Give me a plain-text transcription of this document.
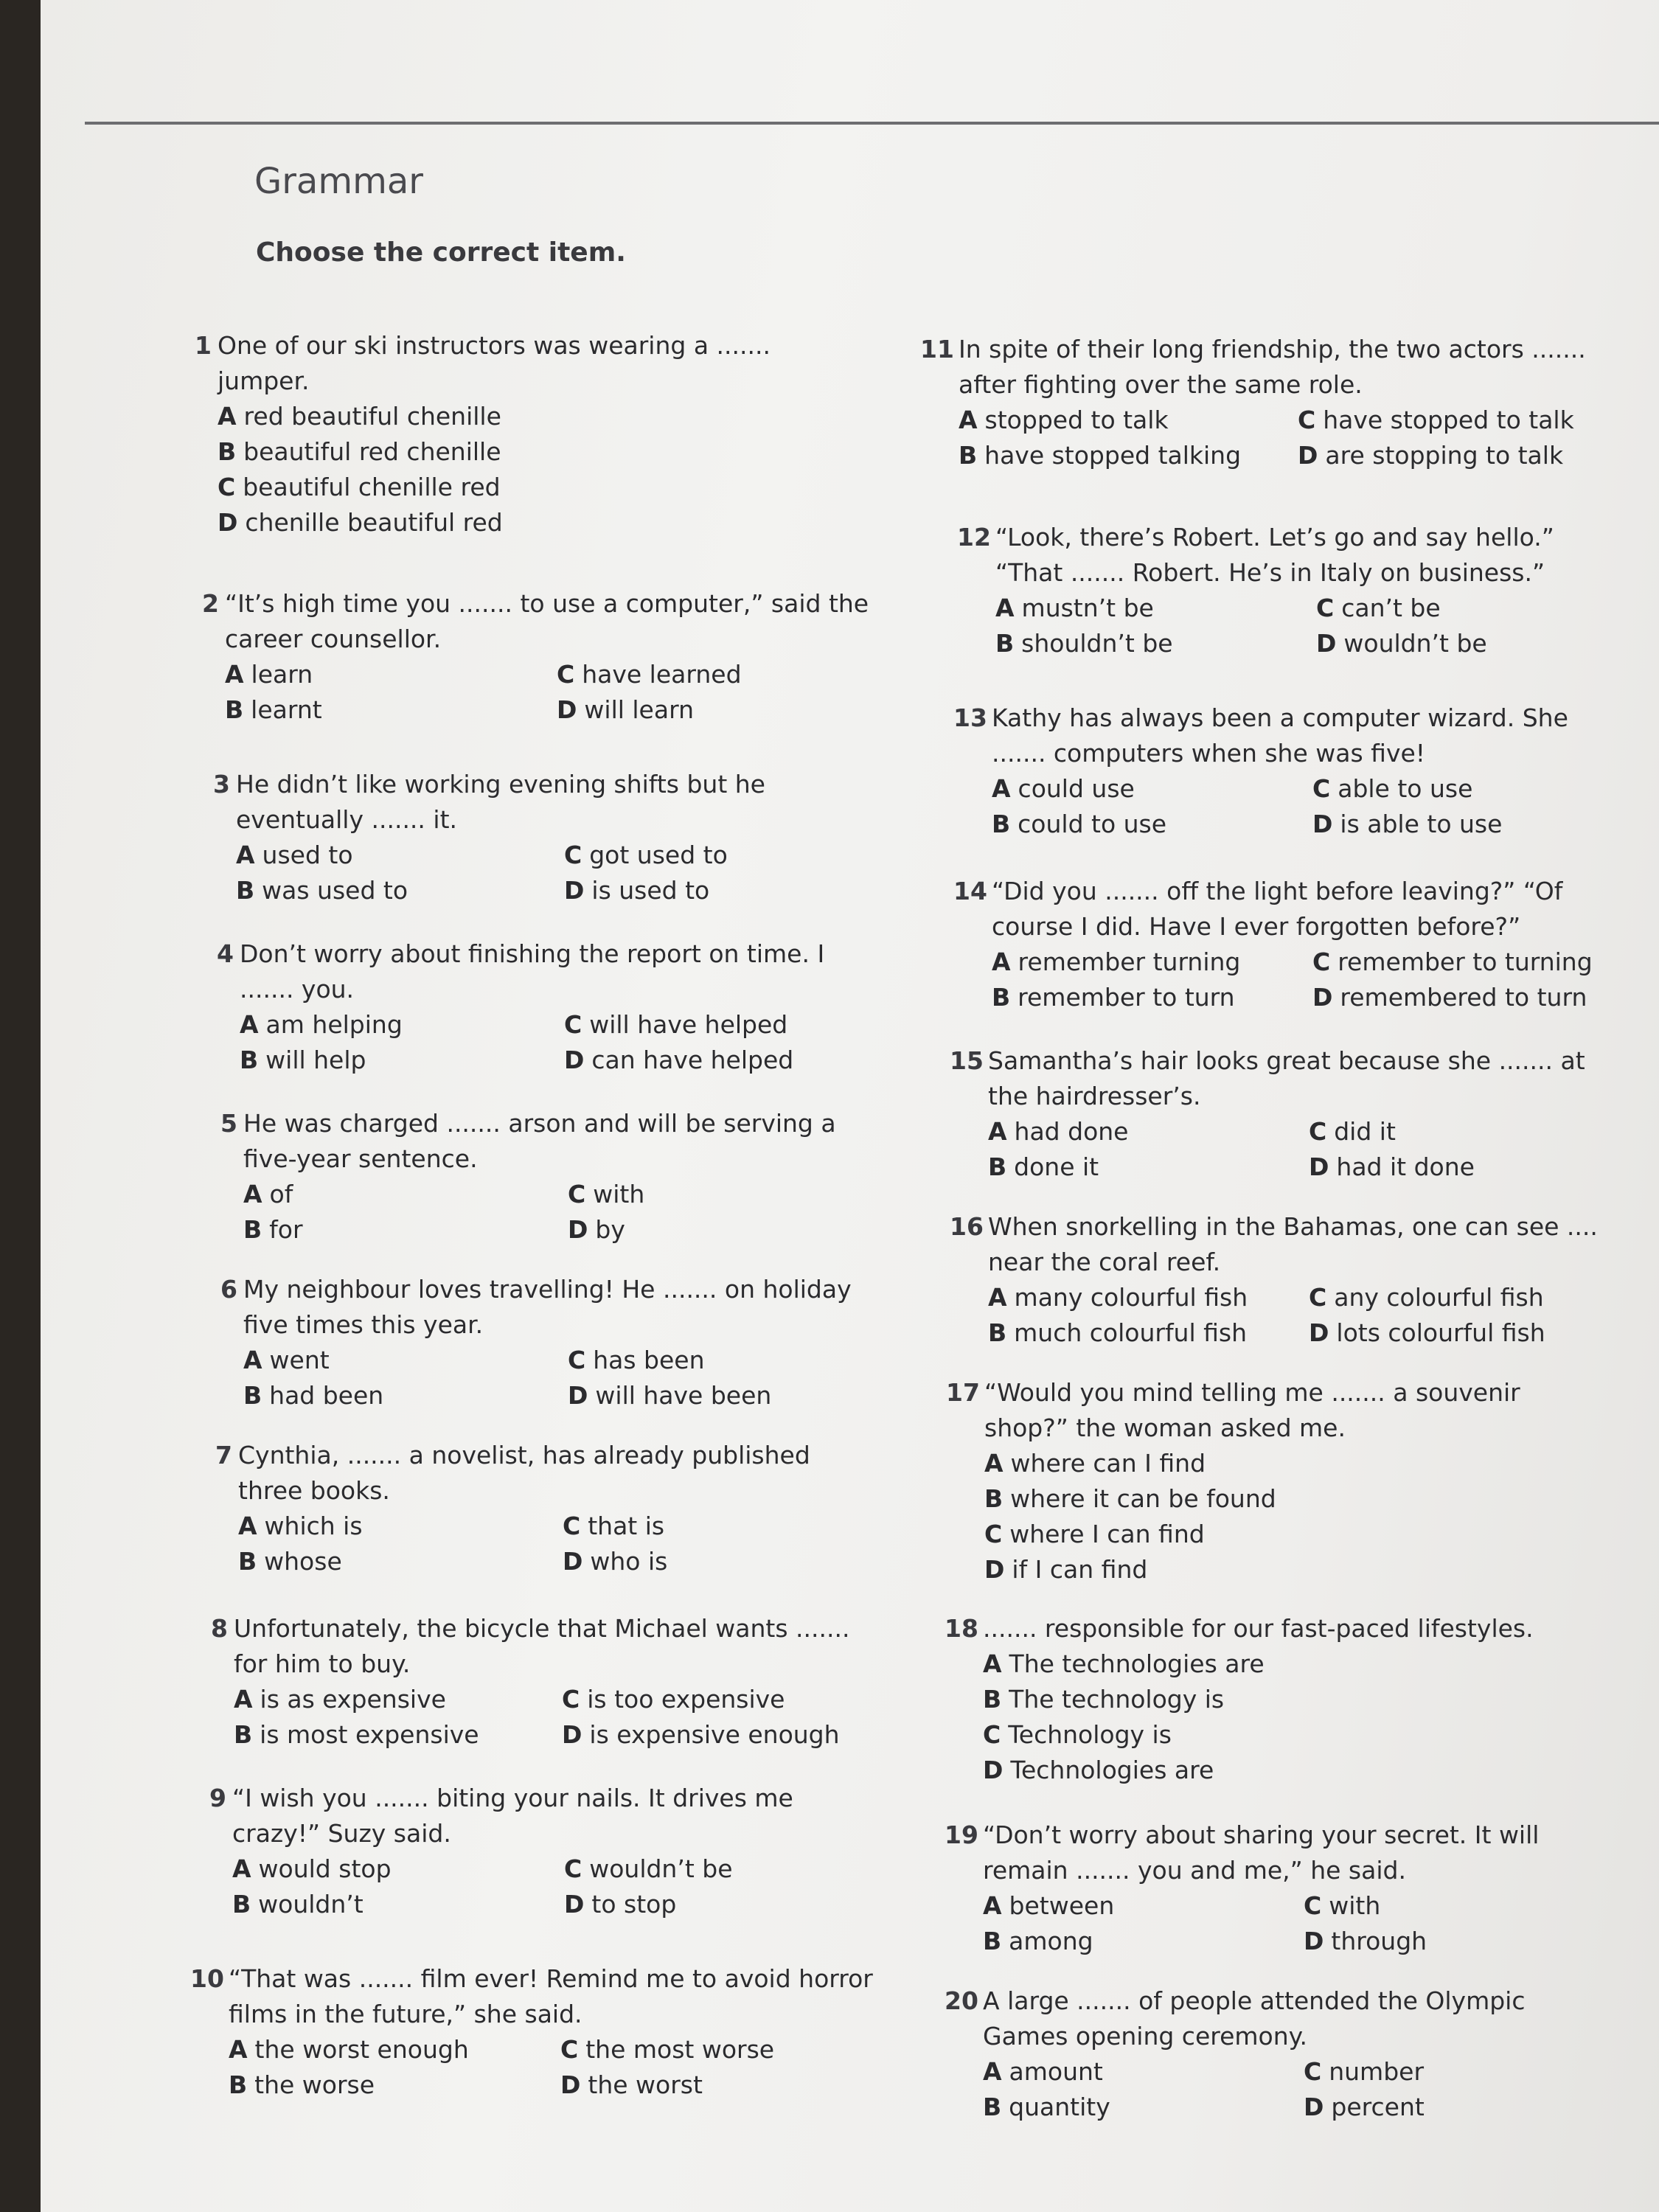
Grammar
Choose the correct item.
1 One of our ski instructors was wearing a ....... jumper.
A red beautiful chenille
B beautiful red chenille
C beautiful chenille red
D chenille beautiful red
2 “It’s high time you ....... to use a computer,” said the career counsellor.
A learn	C have learned
B learnt	D will learn
3 He didn’t like working evening shifts but he eventually ....... it.
A used to	C got used to
B was used to	D is used to
4 Don’t worry about finishing the report on time. I ....... you.
A am helping	C will have helped
B will help	D can have helped
5 He was charged ....... arson and will be serving a five-year sentence.
A of	C with
B for	D by
6 My neighbour loves travelling! He ....... on holiday five times this year.
A went	C has been
B had been	D will have been
7 Cynthia, ....... a novelist, has already published three books.
A which is	C that is
B whose	D who is
8 Unfortunately, the bicycle that Michael wants ....... for him to buy.
A is as expensive	C is too expensive
B is most expensive	D is expensive enough
9 “I wish you ....... biting your nails. It drives me crazy!” Suzy said.
A would stop	C wouldn’t be
B wouldn’t	D to stop
10 “That was ....... film ever! Remind me to avoid horror films in the future,” she said.
A the worst enough	C the most worse
B the worse	D the worst
11 In spite of their long friendship, the two actors ....... after fighting over the same role.
A stopped to talk	C have stopped to talk
B have stopped talking	D are stopping to talk
12 “Look, there’s Robert. Let’s go and say hello.” “That ....... Robert. He’s in Italy on business.”
A mustn’t be	C can’t be
B shouldn’t be	D wouldn’t be
13 Kathy has always been a computer wizard. She ....... computers when she was five!
A could use	C able to use
B could to use	D is able to use
14 “Did you ....... off the light before leaving?” “Of course I did. Have I ever forgotten before?”
A remember turning	C remember to turning
B remember to turn	D remembered to turn
15 Samantha’s hair looks great because she ....... at the hairdresser’s.
A had done	C did it
B done it	D had it done
16 When snorkelling in the Bahamas, one can see .... near the coral reef.
A many colourful fish	C any colourful fish
B much colourful fish	D lots colourful fish
17 “Would you mind telling me ....... a souvenir shop?” the woman asked me.
A where can I find
B where it can be found
C where I can find
D if I can find
18 ....... responsible for our fast-paced lifestyles.
A The technologies are
B The technology is
C Technology is
D Technologies are
19 “Don’t worry about sharing your secret. It will remain ....... you and me,” he said.
A between	C with
B among	D through
20 A large ....... of people attended the Olympic Games opening ceremony.
A amount	C number
B quantity	D percent
